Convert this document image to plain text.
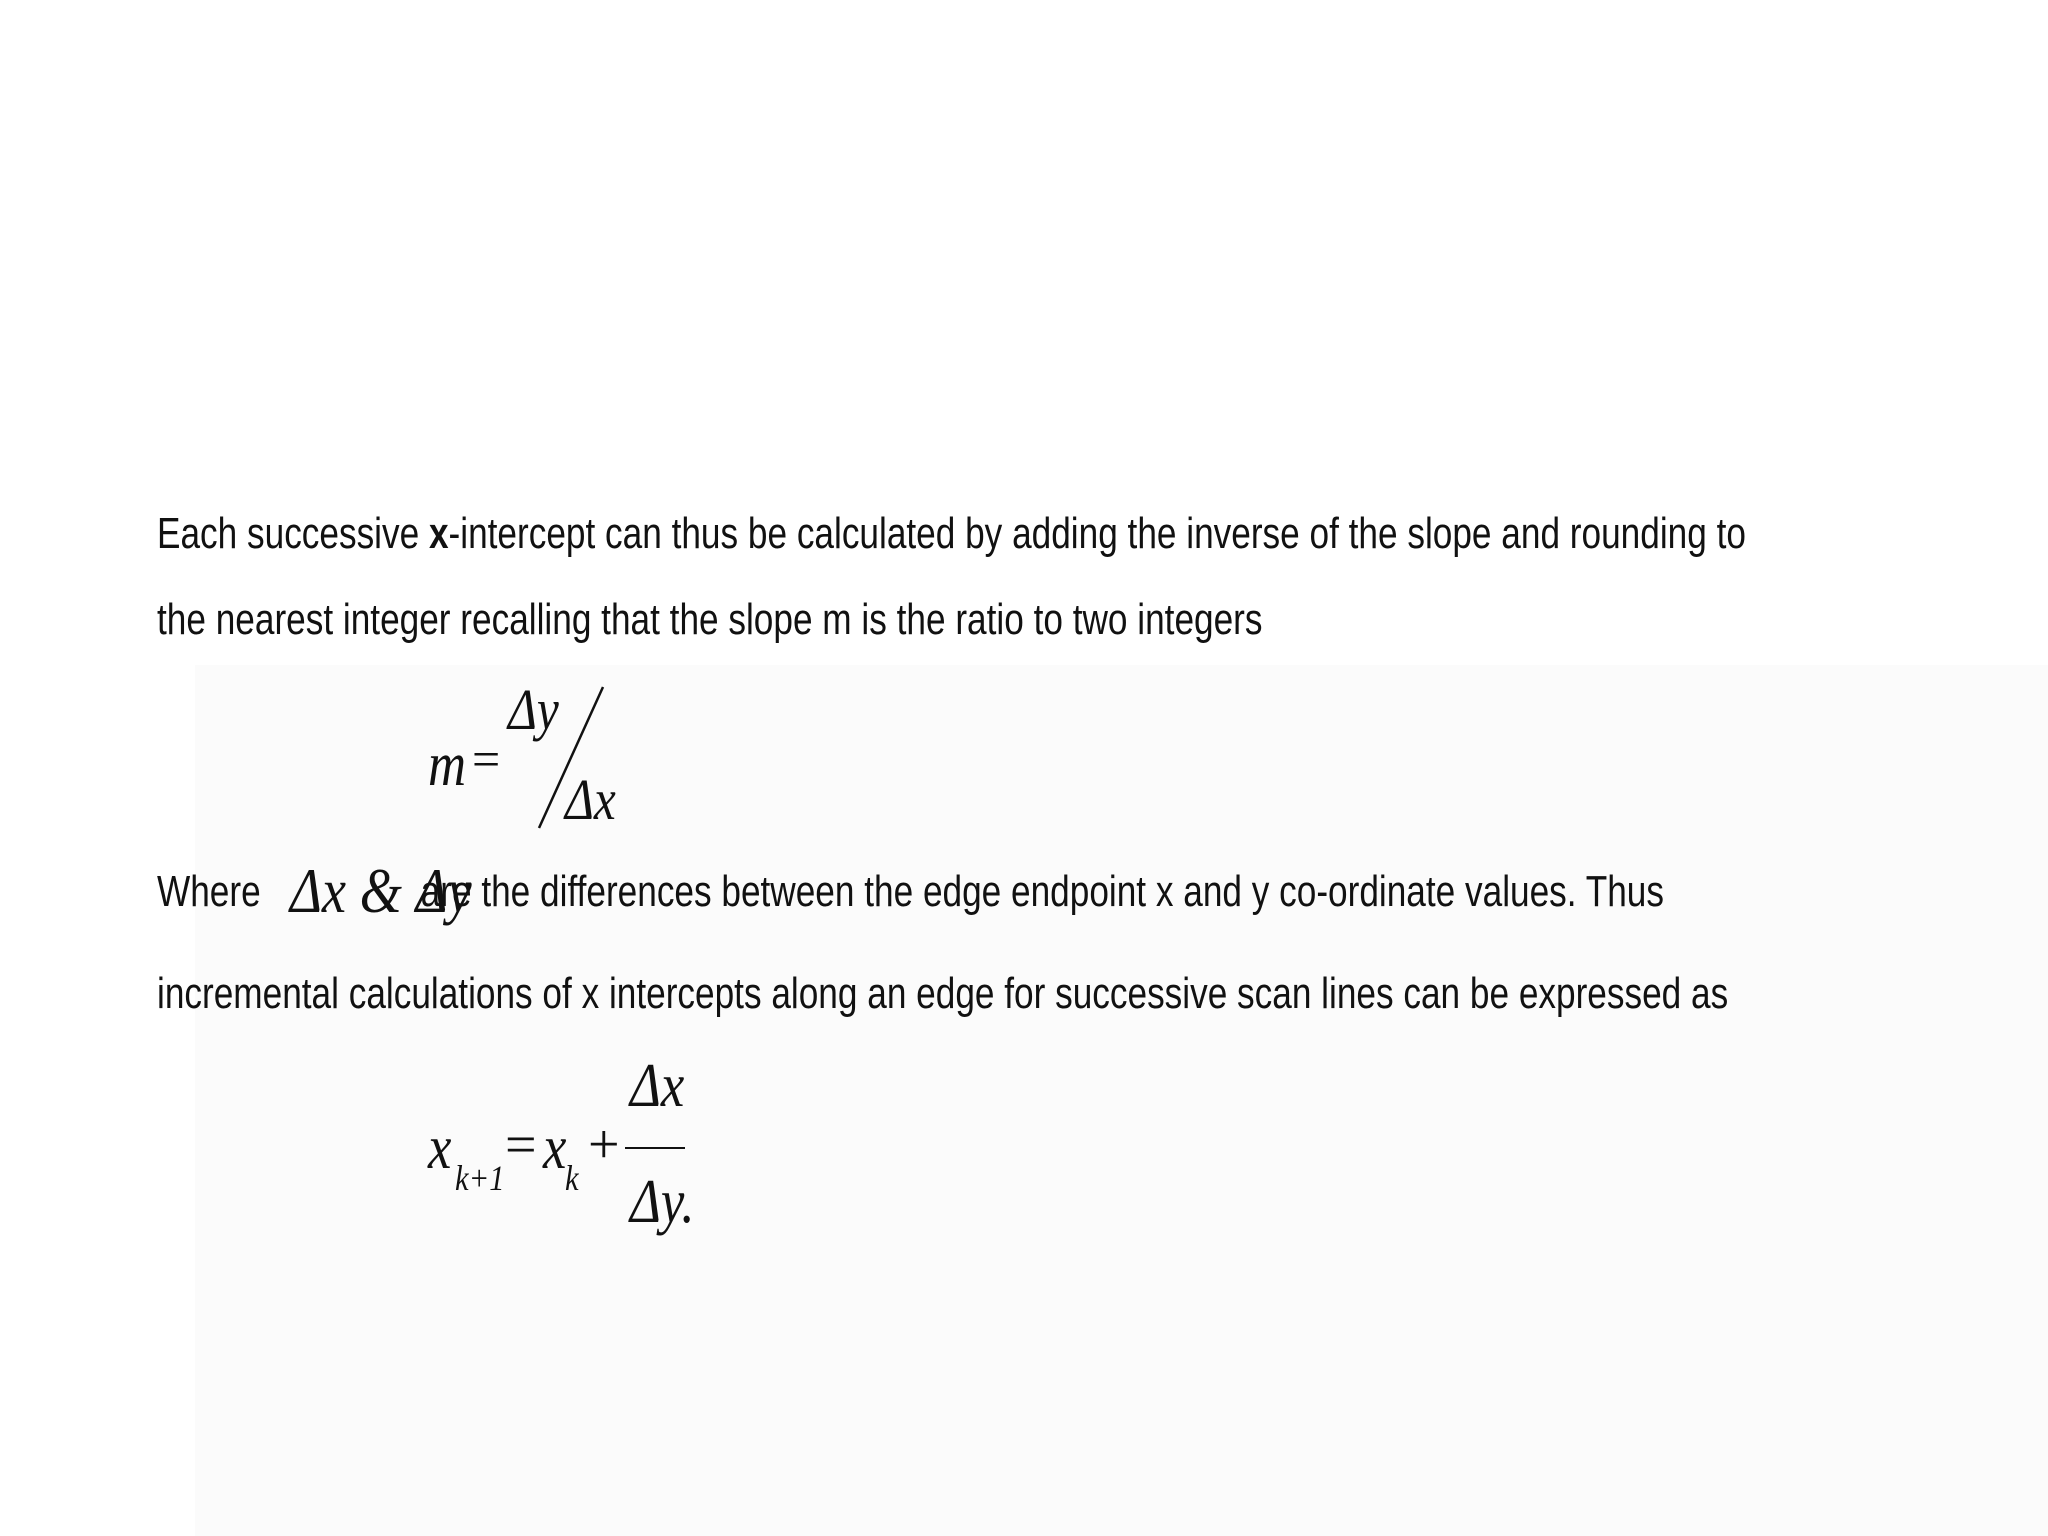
Each successive x-intercept can thus be calculated by adding the inverse of the slope and rounding to
the nearest integer recalling that the slope m is the ratio to two integers
m =
Δy
Δx
Where	are the differences between the edge endpoint x and y co-ordinate values. Thus
Δx & Δy
incremental calculations of x intercepts along an edge for successive scan lines can be expressed as
x k+1
= x
k
+
Δx
Δy.
